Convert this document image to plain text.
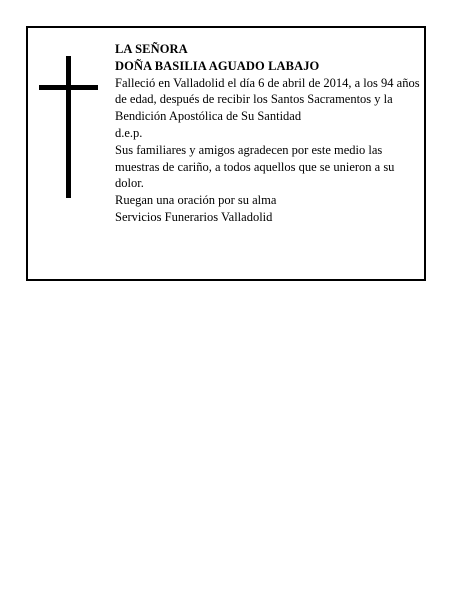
LA SEÑORA

DOÑA BASILIA AGUADO LABAJO

Falleció en Valladolid el día 6 de abril de 2014, a los 94 años de edad, después de recibir los Santos Sacramentos y la Bendición Apostólica de Su Santidad

d.e.p.

Sus familiares y amigos agradecen por este medio las muestras de cariño, a todos aquellos que se unieron a su dolor.

Ruegan una oración por su alma

Servicios Funerarios Valladolid
